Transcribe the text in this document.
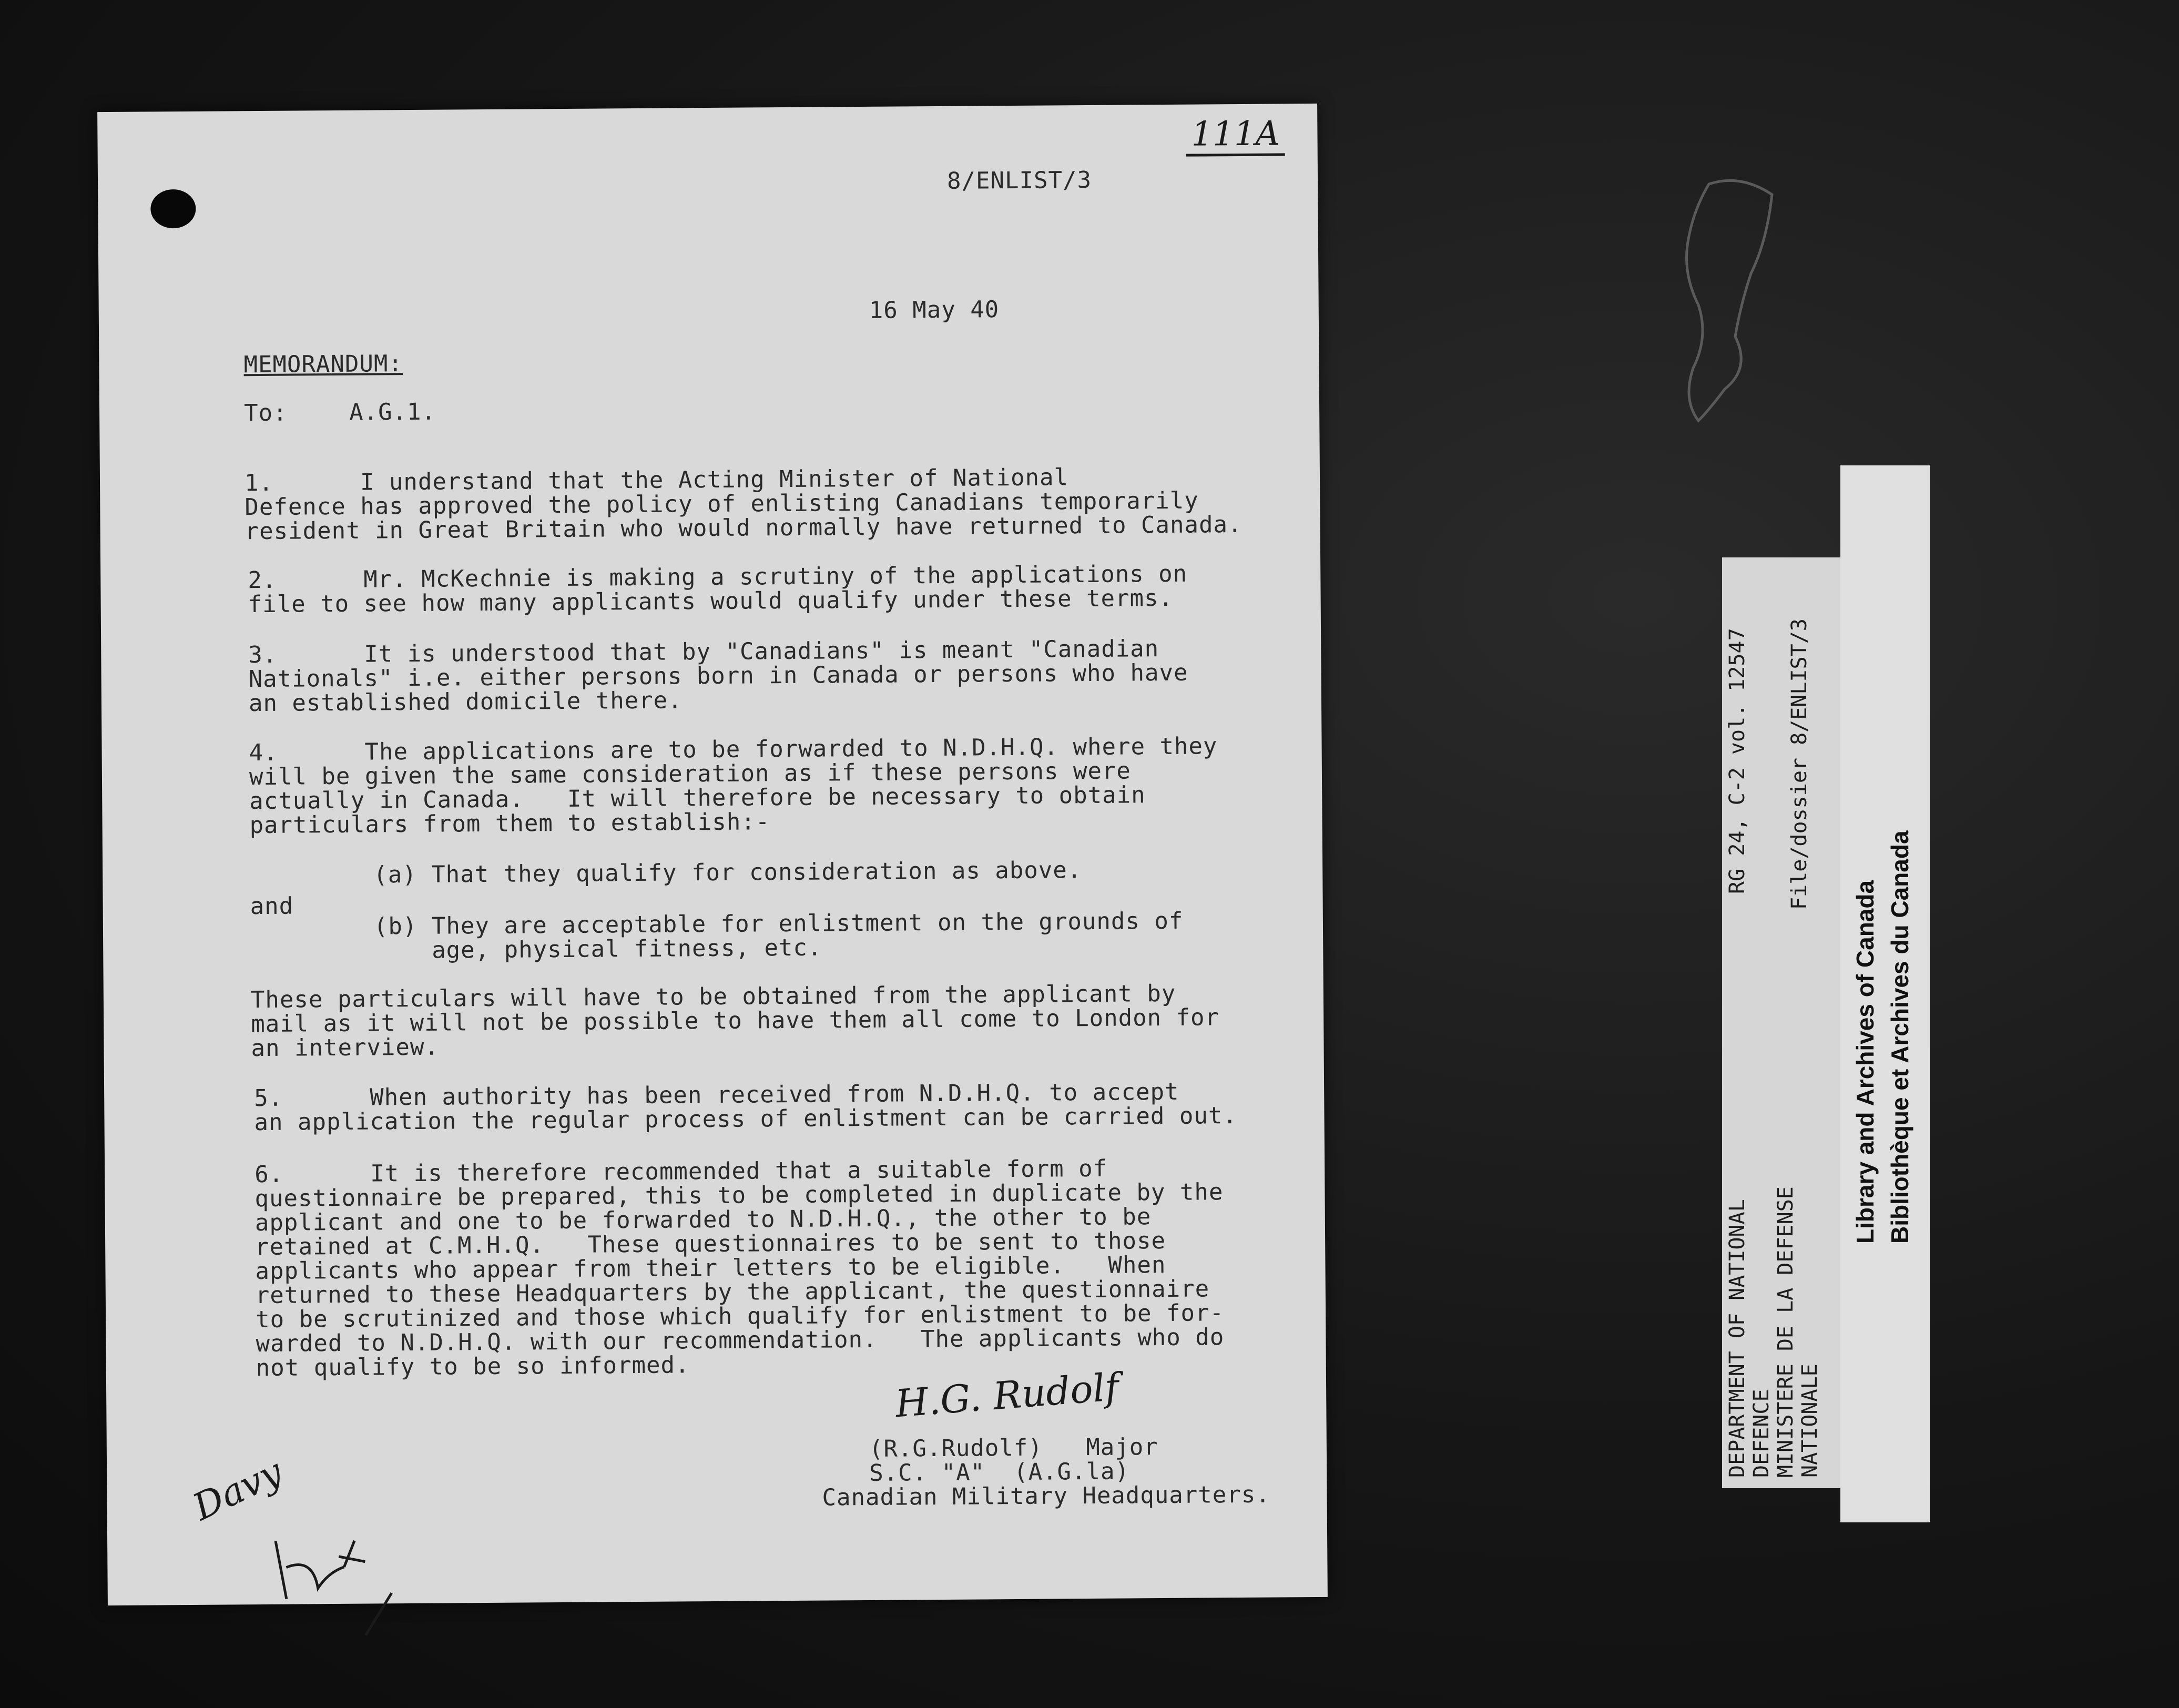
111A
8/ENLIST/3
16 May 40
MEMORANDUM:
To:	A.G.1.
1.      I understand that the Acting Minister of National
Defence has approved the policy of enlisting Canadians temporarily
resident in Great Britain who would normally have returned to Canada.
2.      Mr. McKechnie is making a scrutiny of the applications on
file to see how many applicants would qualify under these terms.
3.      It is understood that by "Canadians" is meant "Canadian
Nationals" i.e. either persons born in Canada or persons who have
an established domicile there.
4.      The applications are to be forwarded to N.D.H.Q. where they
will be given the same consideration as if these persons were
actually in Canada.   It will therefore be necessary to obtain
particulars from them to establish:-
(a) That they qualify for consideration as above.
and
(b) They are acceptable for enlistment on the grounds of
age, physical fitness, etc.
These particulars will have to be obtained from the applicant by
mail as it will not be possible to have them all come to London for
an interview.
5.      When authority has been received from N.D.H.Q. to accept
an application the regular process of enlistment can be carried out.
6.      It is therefore recommended that a suitable form of
questionnaire be prepared, this to be completed in duplicate by the
applicant and one to be forwarded to N.D.H.Q., the other to be
retained at C.M.H.Q.   These questionnaires to be sent to those
applicants who appear from their letters to be eligible.   When
returned to these Headquarters by the applicant, the questionnaire
to be scrutinized and those which qualify for enlistment to be for-
warded to N.D.H.Q. with our recommendation.   The applicants who do
not qualify to be so informed.	H.G. Rudolf
(R.G.Rudolf)   Major
S.C. "A"  (A.G.la)
Canadian Military Headquarters.
Davy
DEPARTMENT OF NATIONAL DEFENCE MINISTERE DE LA DEFENSE NATIONALE
RG 24, C-2 vol. 12547 File/dossier 8/ENLIST/3
Library and Archives of Canada Bibliothèque et Archives du Canada
